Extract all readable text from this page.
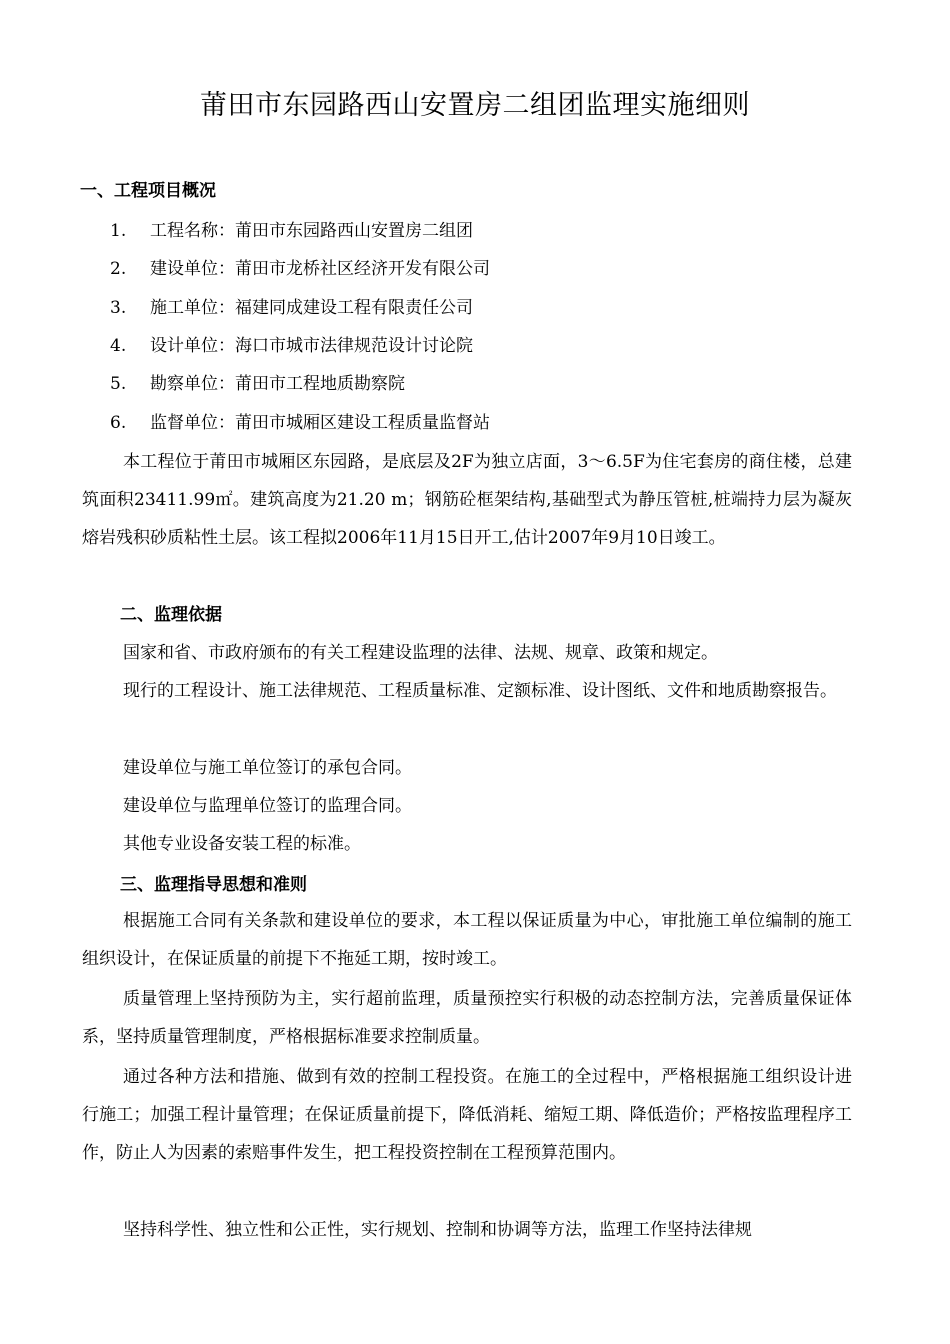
莆田市东园路西山安置房二组团监理实施细则
一、工程项目概况
1. 工程名称：莆田市东园路西山安置房二组团
2. 建设单位：莆田市龙桥社区经济开发有限公司
3. 施工单位：福建同成建设工程有限责任公司
4. 设计单位：海口市城市法律规范设计讨论院
5. 勘察单位：莆田市工程地质勘察院
6. 监督单位：莆田市城厢区建设工程质量监督站

本工程位于莆田市城厢区东园路，是底层及2F为独立店面，3～6.5F为住宅套房的商住楼，总建筑面积23411.99㎡。建筑高度为21.20 m；钢筋砼框架结构,基础型式为静压管桩,桩端持力层为凝灰熔岩残积砂质粘性土层。该工程拟2006年11月15日开工,估计2007年9月10日竣工。

二、监理依据

国家和省、市政府颁布的有关工程建设监理的法律、法规、规章、政策和规定。

现行的工程设计、施工法律规范、工程质量标准、定额标准、设计图纸、文件和地质勘察报告。

建设单位与施工单位签订的承包合同。

建设单位与监理单位签订的监理合同。

其他专业设备安装工程的标准。

三、监理指导思想和准则

根据施工合同有关条款和建设单位的要求，本工程以保证质量为中心，审批施工单位编制的施工组织设计，在保证质量的前提下不拖延工期，按时竣工。

质量管理上坚持预防为主，实行超前监理，质量预控实行积极的动态控制方法，完善质量保证体系，坚持质量管理制度，严格根据标准要求控制质量。

通过各种方法和措施、做到有效的控制工程投资。在施工的全过程中，严格根据施工组织设计进行施工；加强工程计量管理；在保证质量前提下，降低消耗、缩短工期、降低造价；严格按监理程序工作，防止人为因素的索赔事件发生，把工程投资控制在工程预算范围内。

坚持科学性、独立性和公正性，实行规划、控制和协调等方法，监理工作坚持法律规
